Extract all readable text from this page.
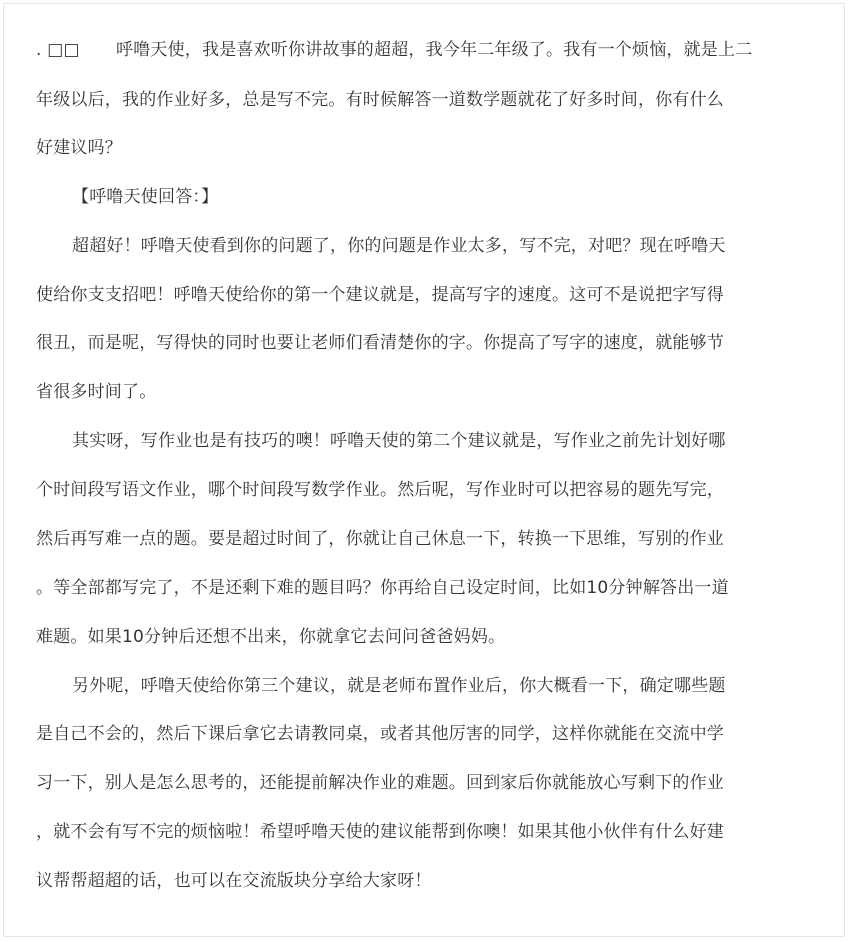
. □□ 呼噜天使，我是喜欢听你讲故事的超超，我今年二年级了。我有一个烦恼，就是上二
年级以后，我的作业好多，总是写不完。有时候解答一道数学题就花了好多时间，你有什么
好建议吗？
【呼噜天使回答：】
超超好！呼噜天使看到你的问题了，你的问题是作业太多，写不完，对吧？现在呼噜天
使给你支支招吧！呼噜天使给你的第一个建议就是，提高写字的速度。这可不是说把字写得
很丑，而是呢，写得快的同时也要让老师们看清楚你的字。你提高了写字的速度，就能够节
省很多时间了。
其实呀，写作业也是有技巧的噢！呼噜天使的第二个建议就是，写作业之前先计划好哪
个时间段写语文作业，哪个时间段写数学作业。然后呢，写作业时可以把容易的题先写完，
然后再写难一点的题。要是超过时间了，你就让自己休息一下，转换一下思维，写别的作业
。等全部都写完了，不是还剩下难的题目吗？你再给自己设定时间，比如10分钟解答出一道
难题。如果10分钟后还想不出来，你就拿它去问问爸爸妈妈。
另外呢，呼噜天使给你第三个建议，就是老师布置作业后，你大概看一下，确定哪些题
是自己不会的，然后下课后拿它去请教同桌，或者其他厉害的同学，这样你就能在交流中学
习一下，别人是怎么思考的，还能提前解决作业的难题。回到家后你就能放心写剩下的作业
，就不会有写不完的烦恼啦！希望呼噜天使的建议能帮到你噢！如果其他小伙伴有什么好建
议帮帮超超的话，也可以在交流版块分享给大家呀！
